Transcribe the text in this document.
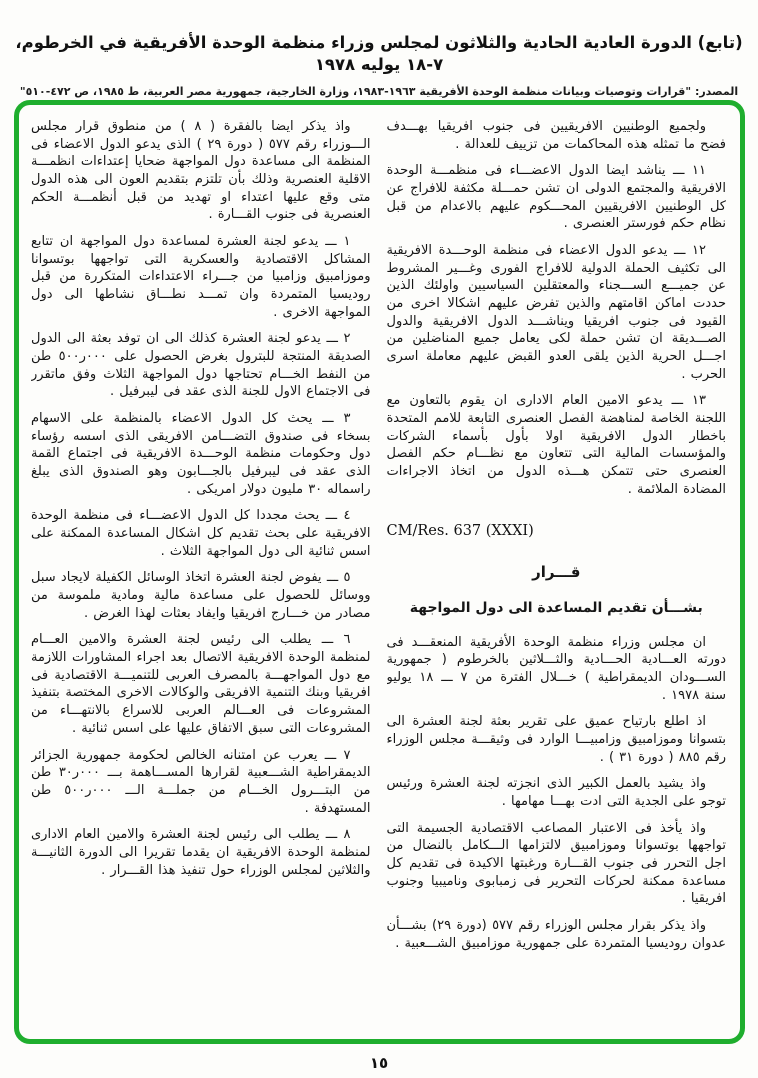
(تابع) الدورة العادية الحادية والثلاثون لمجلس وزراء منظمة الوحدة الأفريقية في الخرطوم، ٧-١٨ يوليه ١٩٧٨
المصدر: "قرارات وتوصيات وبيانات منظمة الوحدة الأفريقية ١٩٦٣-١٩٨٣، وزارة الخارجية، جمهورية مصر العربية، ط ١٩٨٥، ص ٤٧٢-٥١٠"

ولجميع الوطنيين الافريقيين فى جنوب افريقيا بهـــدف فضح ما تمثله هذه المحاكمات من تزييف للعدالة .

١١ ـــ يناشد ايضا الدول الاعضـــاء فى منظمـــة الوحدة الافريقية والمجتمع الدولى ان تشن حمـــلة مكثفة للافراج عن كل الوطنيين الافريقيين المحـــكوم عليهم بالاعدام من قبل نظام حكم فورستر العنصرى .

١٢ ـــ يدعو الدول الاعضاء فى منظمة الوحـــدة الافريقية الى تكثيف الحملة الدولية للافراج الفورى وغـــير المشروط عن جميـــع الســـجناء والمعتقلين السياسيين واولئك الذين حددت اماكن اقامتهم والذين تفرض عليهم اشكالا اخرى من القيود فى جنوب افريقيا ويناشـــد الدول الافريقية والدول الصـــديقة ان تشن حملة لكى يعامل جميع المناضلين من اجـــل الحرية الذين يلقى العدو القبض عليهم معاملة اسرى الحرب .

١٣ ـــ يدعو الامين العام الادارى ان يقوم بالتعاون مع اللجنة الخاصة لمناهضة الفصل العنصرى التابعة للامم المتحدة باخطار الدول الافريقية اولا بأول بأسماء الشركات والمؤسسات المالية التى تتعاون مع نظـــام حكم الفصل العنصرى حتى تتمكن هـــذه الدول من اتخاذ الاجراءات المضادة الملائمة .

CM/Res. 637 (XXXI)
قـــرار
بشـــأن تقديم المساعدة الى دول المواجهة

ان مجلس وزراء منظمة الوحدة الأفريقية المنعقـــد فى دورته العـــادية الحـــادية والثـــلاثين بالخرطوم ( جمهورية الســـودان الديمقراطية ) خـــلال الفترة من ٧ ـــ ١٨ يوليو سنة ١٩٧٨ .

اذ اطلع بارتياح عميق على تقرير بعثة لجنة العشرة الى بتسوانا وموزامبيق وزامبيـــا الوارد فى وثيقـــة مجلس الوزراء رقم ٨٨٥ ( دورة ٣١ ) .

واذ يشيد بالعمل الكبير الذى انجزته لجنة العشرة ورئيس توجو على الجدية التى ادت بهـــا مهامها .

واذ يأخذ فى الاعتبار المصاعب الاقتصادية الجسيمة التى تواجهها بوتسوانا وموزامبيق لالتزامها الـــكامل بالنضال من اجل التحرر فى جنوب القـــارة ورغبتها الاكيدة فى تقديم كل مساعدة ممكنة لحركات التحرير فى زمبابوى وناميبيا وجنوب افريقيا .

واذ يذكر بقرار مجلس الوزراء رقم ٥٧٧ (دورة ٢٩) بشـــأن عدوان روديسيا المتمردة على جمهورية موزامبيق الشـــعبية .

واذ يذكر ايضا بالفقرة ( ٨ ) من منطوق قرار مجلس الـــوزراء رقم ٥٧٧ ( دورة ٢٩ ) الذى يدعو الدول الاعضاء فى المنظمة الى مساعدة دول المواجهة ضحايا إعتداءات انظمـــة الاقلية العنصرية وذلك بأن تلتزم بتقديم العون الى هذه الدول متى وقع عليها اعتداء او تهديد من قبل أنظمـــة الحكم العنصرية فى جنوب القـــارة .

١ ـــ يدعو لجنة العشرة لمساعدة دول المواجهة ان تتابع المشاكل الاقتصادية والعسكرية التى تواجهها بوتسوانا وموزامبيق وزامبيا من جـــراء الاعتداءات المتكررة من قبل روديسيا المتمردة وان تمـــد نطـــاق نشاطها الى دول المواجهة الاخرى .

٢ ـــ يدعو لجنة العشرة كذلك الى ان توفد بعثة الى الدول الصديقة المنتجة للبترول بغرض الحصول على ٠٠٠ر٥٠٠ طن من النفط الخـــام تحتاجها دول المواجهة الثلاث وفق ماتقرر فى الاجتماع الاول للجنة الذى عقد فى ليبرفيل .

٣ ـــ يحث كل الدول الاعضاء بالمنظمة على الاسهام بسخاء فى صندوق التضـــامن الافريقى الذى اسسه رؤساء دول وحكومات منظمة الوحـــدة الافريقية فى اجتماع القمة الذى عقد فى ليبرفيل بالجـــابون وهو الصندوق الذى يبلغ راسماله ٣٠ مليون دولار امريكى .

٤ ـــ يحث مجددا كل الدول الاعضـــاء فى منظمة الوحدة الافريقية على بحث تقديم كل اشكال المساعدة الممكنة على اسس ثنائية الى دول المواجهة الثلاث .

٥ ـــ يفوض لجنة العشرة اتخاذ الوسائل الكفيلة لايجاد سبل ووسائل للحصول على مساعدة مالية ومادية ملموسة من مصادر من خـــارج افريقيا وايفاد بعثات لهذا الغرض .

٦ ـــ يطلب الى رئيس لجنة العشرة والامين العـــام لمنظمة الوحدة الافريقية الاتصال بعد اجراء المشاورات اللازمة مع دول المواجهـــة بالمصرف العربى للتنميـــة الاقتصادية فى افريقيا وبنك التنمية الافريقى والوكالات الاخرى المختصة بتنفيذ المشروعات فى العـــالم العربى للاسراع بالانتهـــاء من المشروعات التى سبق الاتفاق عليها على اسس ثنائية .

٧ ـــ يعرب عن امتنانه الخالص لحكومة جمهورية الجزائر الديمقراطية الشـــعبية لقرارها المســـاهمة بـــ ٠٠٠ر٣٠ طن من البتـــرول الخـــام من جملـــة الـــ ٠٠٠ر٥٠٠ طن المستهدفة .

٨ ـــ يطلب الى رئيس لجنة العشرة والامين العام الادارى لمنظمة الوحدة الافريقية ان يقدما تقريرا الى الدورة الثانيـــة والثلاثين لمجلس الوزراء حول تنفيذ هذا القـــرار .

١٥
